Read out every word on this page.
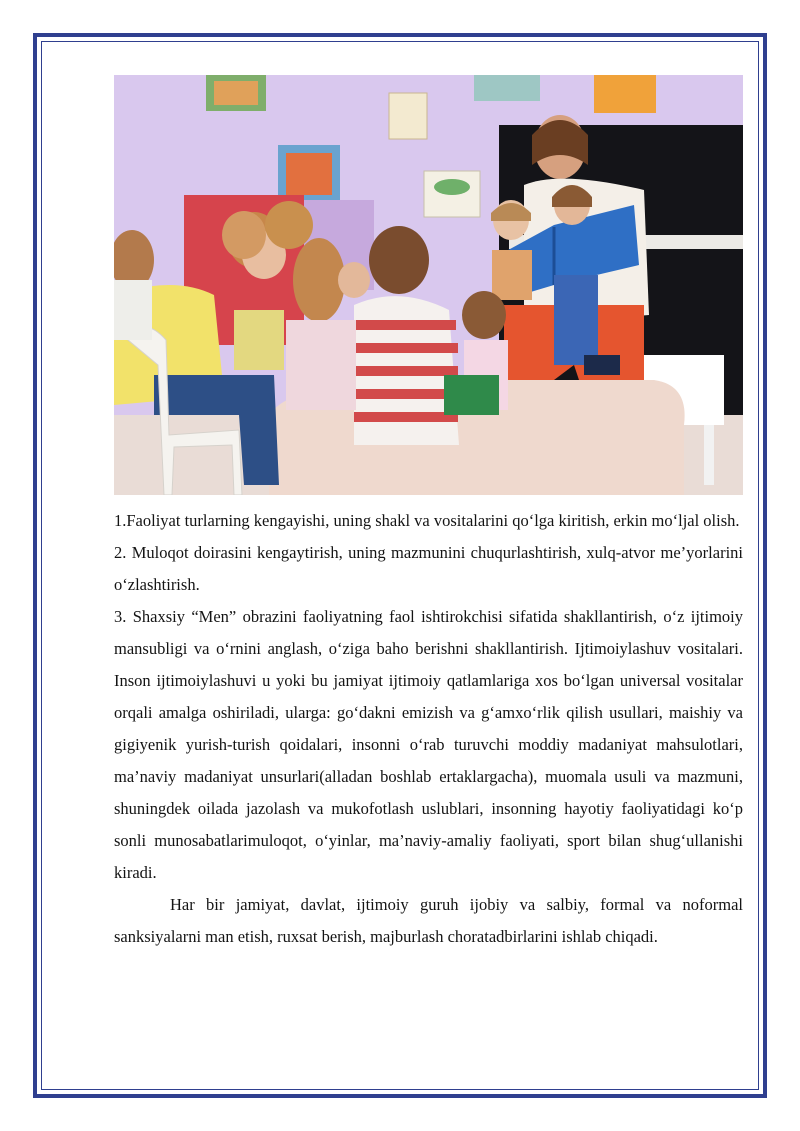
1.Faoliyat turlarning kengayishi, uning shakl va vositalarini qo‘lga kiritish, erkin mo‘ljal olish.

2. Muloqot doirasini kengaytirish, uning mazmunini chuqurlashtirish, xulq-atvor me’yorlarini o‘zlashtirish.

3. Shaxsiy “Men” obrazini faoliyatning faol ishtirokchisi sifatida shakllantirish, o‘z ijtimoiy mansubligi va o‘rnini anglash, o‘ziga baho berishni shakllantirish. Ijtimoiylashuv vositalari. Inson ijtimoiylashuvi u yoki bu jamiyat ijtimoiy qatlamlariga xos bo‘lgan universal vositalar orqali amalga oshiriladi, ularga: go‘dakni emizish va g‘amxo‘rlik qilish usullari, maishiy va gigiyenik yurish-turish qoidalari, insonni o‘rab turuvchi moddiy madaniyat mahsulotlari, ma’naviy madaniyat unsurlari(alladan boshlab ertaklargacha), muomala usuli va mazmuni, shuningdek oilada jazolash va mukofotlash uslublari, insonning hayotiy faoliyatidagi ko‘p sonli munosabatlarimuloqot, o‘yinlar, ma’naviy-amaliy faoliyati, sport bilan shug‘ullanishi kiradi.

Har bir jamiyat, davlat, ijtimoiy guruh ijobiy va salbiy, formal va noformal sanksiyalarni man etish, ruxsat berish, majburlash choratadbirlarini ishlab chiqadi.
